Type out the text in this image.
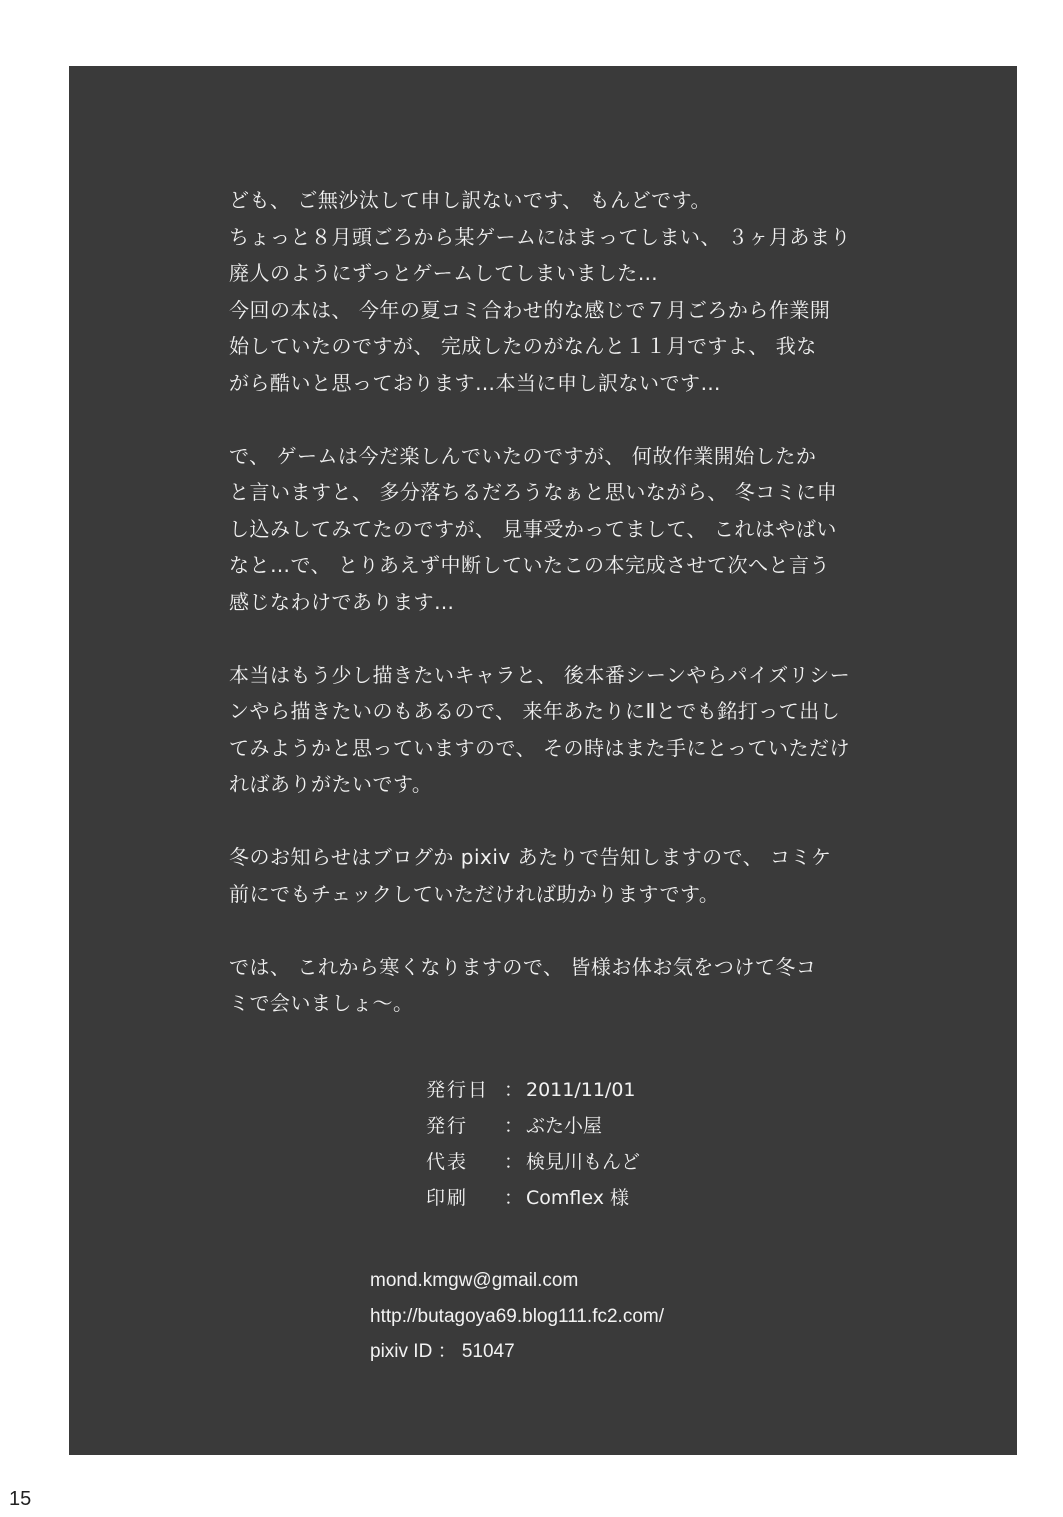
ども、 ご無沙汰して申し訳ないです、 もんどです。
ちょっと８月頭ごろから某ゲームにはまってしまい、 ３ヶ月あまり
廃人のようにずっとゲームしてしまいました…
今回の本は、 今年の夏コミ合わせ的な感じで７月ごろから作業開
始していたのですが、 完成したのがなんと１１月ですよ、 我な
がら酷いと思っております…本当に申し訳ないです…
で、 ゲームは今だ楽しんでいたのですが、 何故作業開始したか
と言いますと、 多分落ちるだろうなぁと思いながら、 冬コミに申
し込みしてみてたのですが、 見事受かってまして、 これはやばい
なと…で、 とりあえず中断していたこの本完成させて次へと言う
感じなわけであります…
本当はもう少し描きたいキャラと、 後本番シーンやらパイズリシー
ンやら描きたいのもあるので、 来年あたりにⅡとでも銘打って出し
てみようかと思っていますので、 その時はまた手にとっていただけ
ればありがたいです。
冬のお知らせはブログか pixiv あたりで告知しますので、 コミケ
前にでもチェックしていただければ助かりますです。
では、 これから寒くなりますので、 皆様お体お気をつけて冬コ
ミで会いましょ～。
発行日 ： 2011/11/01
発行	： ぶた小屋
代表	： 検見川もんど
印刷	： Comflex 様
mond.kmgw@gmail.com
http://butagoya69.blog111.fc2.com/
pixiv ID ： 51047
15
